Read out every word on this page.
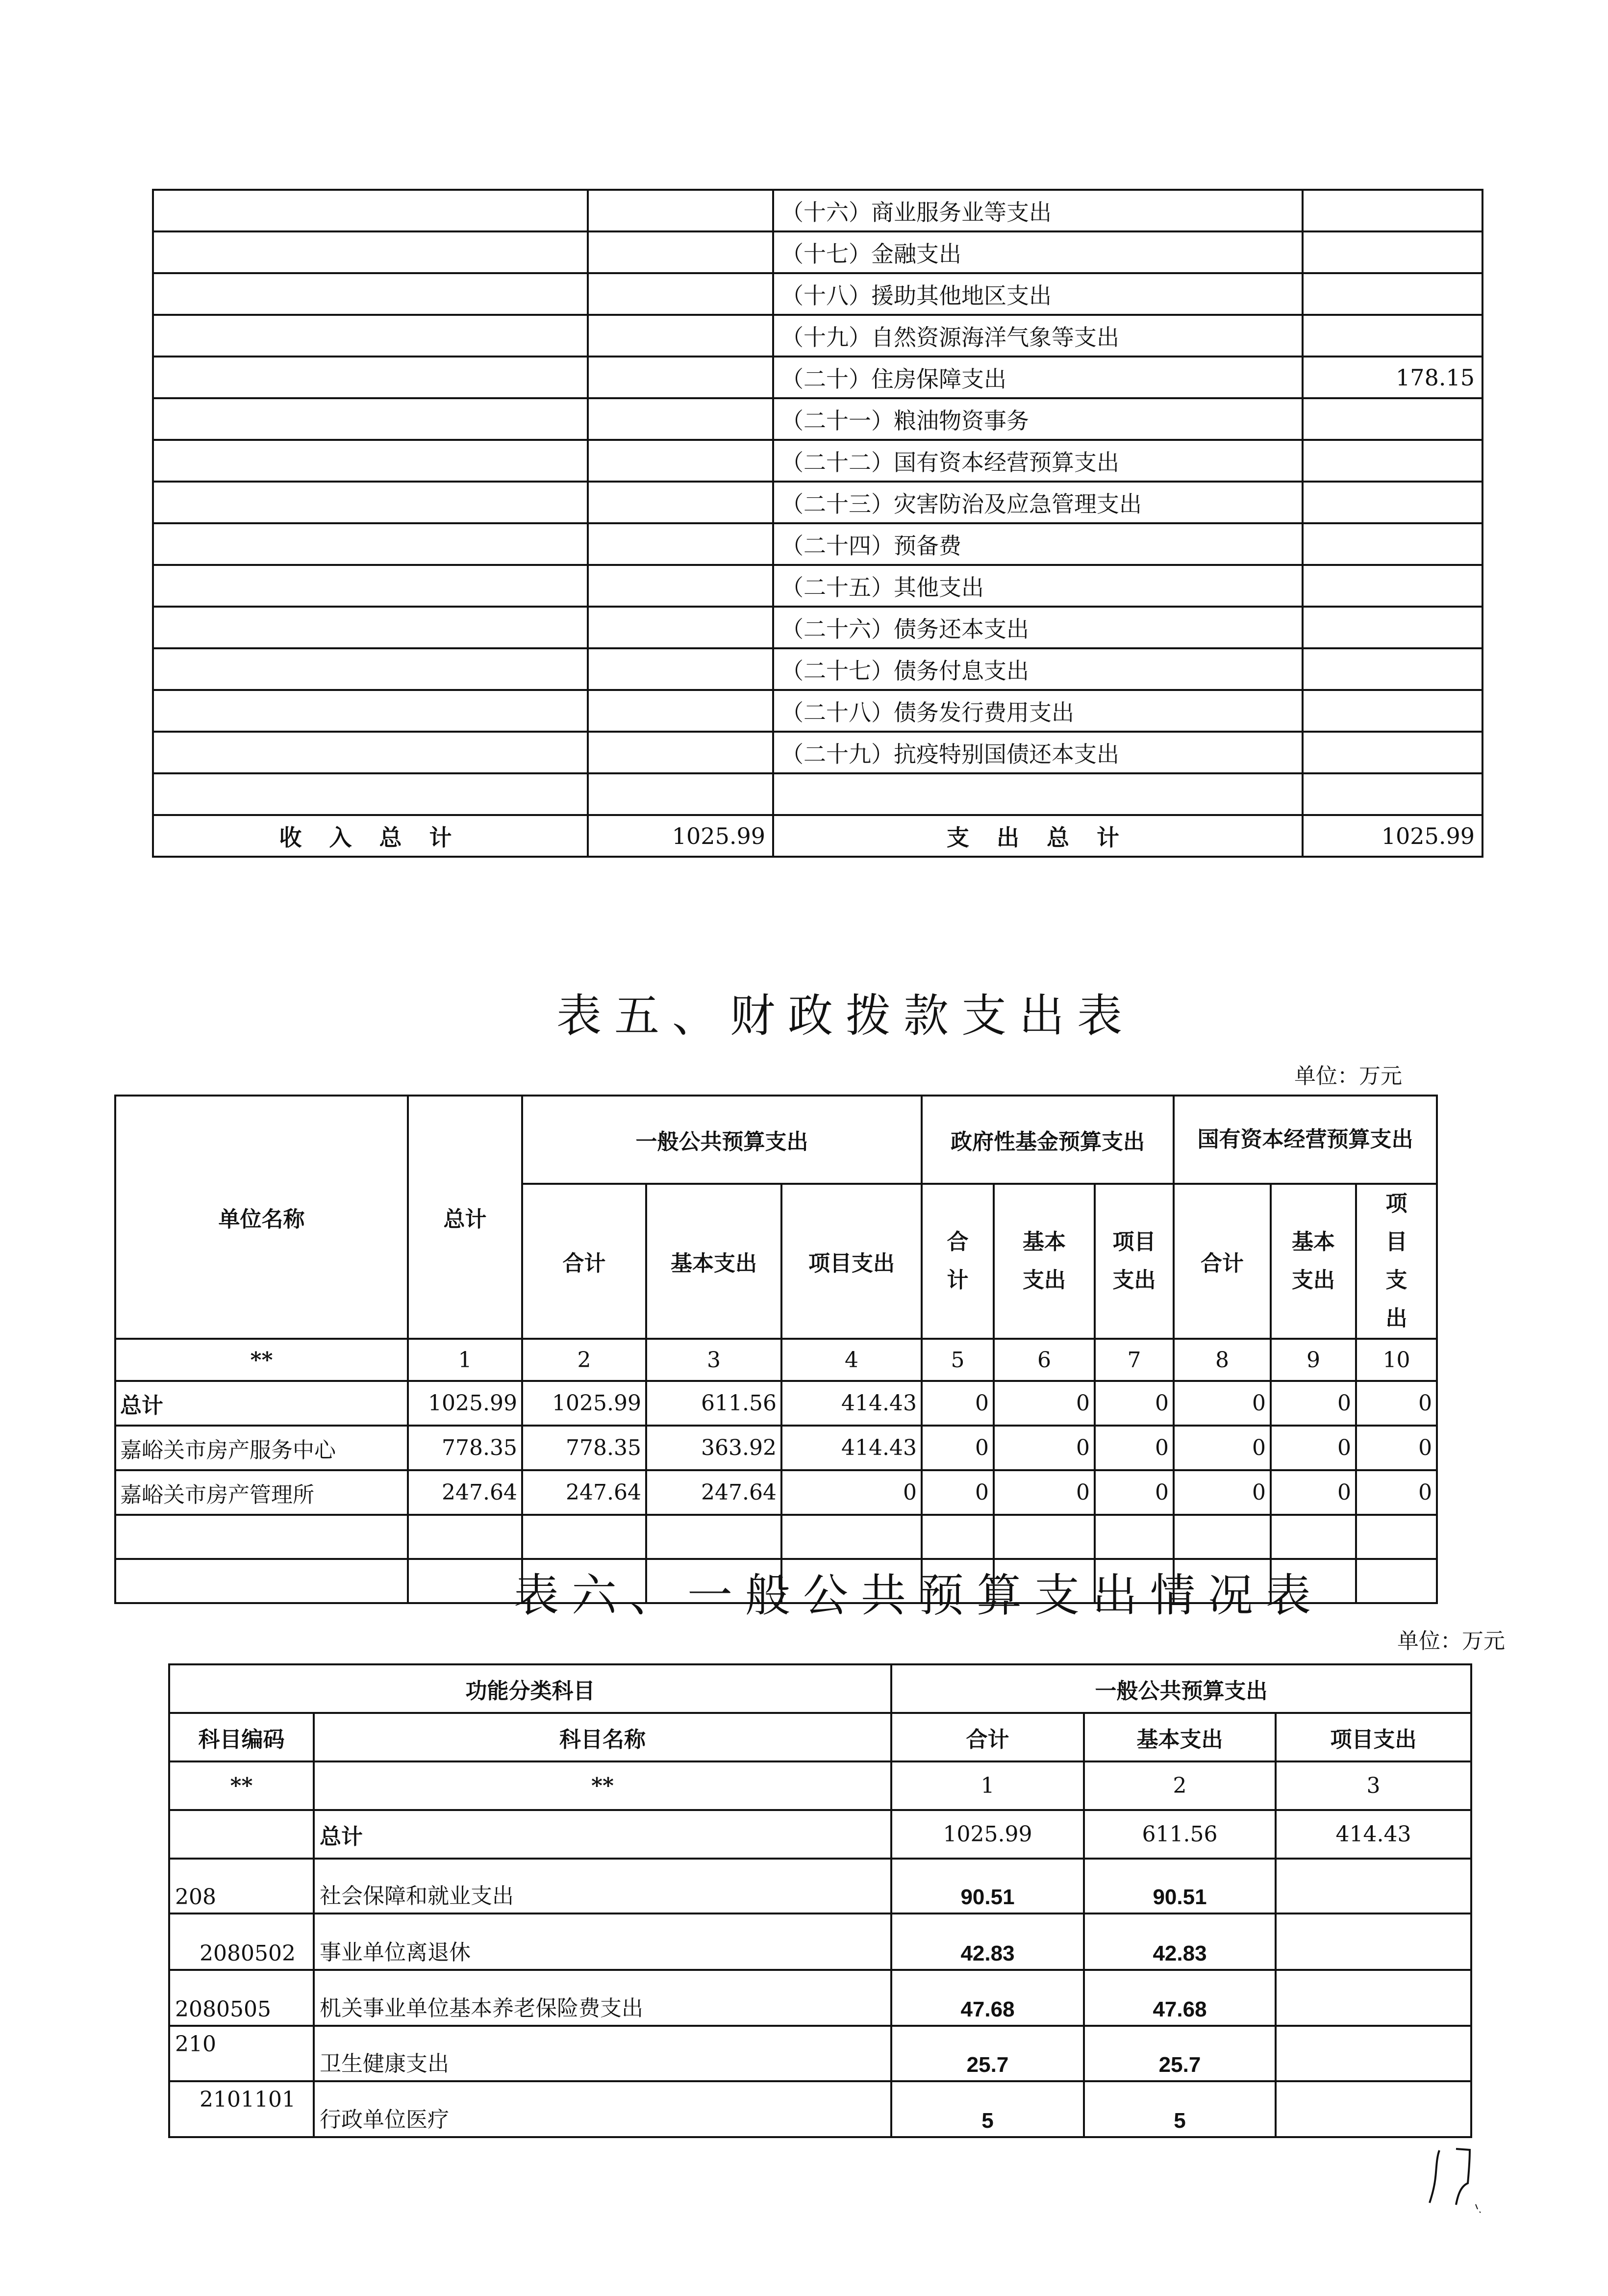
		（十六）商业服务业等支出	
		（十七）金融支出	
		（十八）援助其他地区支出	
		（十九）自然资源海洋气象等支出	
		（二十）住房保障支出	178.15
		（二十一）粮油物资事务	
		（二十二）国有资本经营预算支出	
		（二十三）灾害防治及应急管理支出	
		（二十四）预备费	
		（二十五）其他支出	
		（二十六）债务还本支出	
		（二十七）债务付息支出	
		（二十八）债务发行费用支出	
		（二十九）抗疫特别国债还本支出	

收 入 总 计	1025.99	支 出 总 计	1025.99
表五、财政拨款支出表
单位：万元
单位名称	总计	一般公共预算支出			政府性基金预算支出			国有资本经营预算支出		
		合计	基本支出	项目支出	合计	基本支出	项目支出	合计	基本支出	项目支出
**	1	2	3	4	5	6	7	8	9	10
总计	1025.99	1025.99	611.56	414.43	0	0	0	0	0	0
嘉峪关市房产服务中心	778.35	778.35	363.92	414.43	0	0	0	0	0	0
嘉峪关市房产管理所	247.64	247.64	247.64	0	0	0	0	0	0	0

表六、一般公共预算支出情况表
单位：万元
功能分类科目		一般公共预算支出		
科目编码	科目名称	合计	基本支出	项目支出
**	**	1	2	3
	总计	1025.99	611.56	414.43
208	社会保障和就业支出	90.51	90.51	
2080502	事业单位离退休	42.83	42.83	
2080505	机关事业单位基本养老保险费支出	47.68	47.68	
210	卫生健康支出	25.7	25.7	
2101101	行政单位医疗	5	5	
